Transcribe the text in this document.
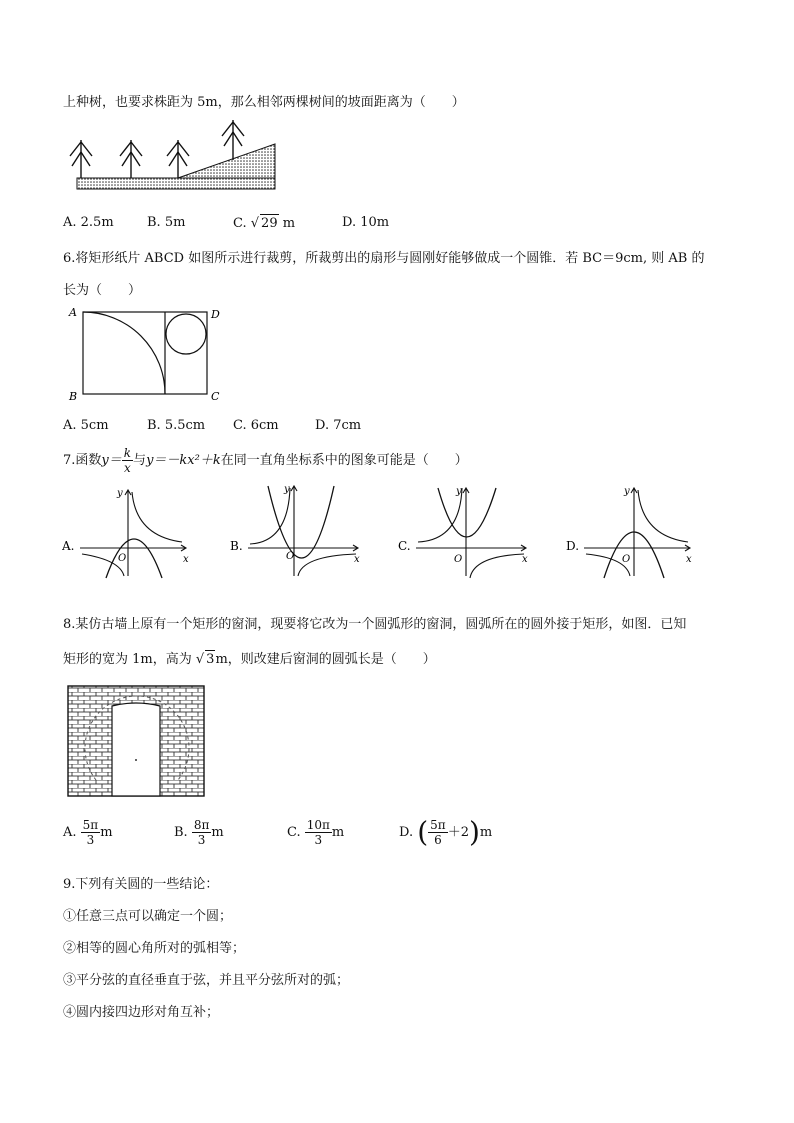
上种树，也要求株距为 5m，那么相邻两棵树间的坡面距离为（　　）
A. 2.5m	B. 5m	C. √ 29 m	D. 10m
6.将矩形纸片 ABCD 如图所示进行裁剪，所裁剪出的扇形与圆刚好能够做成一个圆锥．若 BC＝9cm, 则 AB 的
长为（　　）
A
B	C
D
A. 5cm	B. 5.5cm C. 6cm	D. 7cm
7.函数$y= \frac{k}{x}$ 与y＝－kx²＋k在同一直角坐标系中的图象可能是（　　）
A.
x
y
O
B.
x
y
O
C.
x
y
O
D.
x
y
O
8.某仿古墙上原有一个矩形的窗洞，现要将它改为一个圆弧形的窗洞，圆弧所在的圆外接于矩形，如图．已知
矩形的宽为 1m，高为 √ 3m，则改建后窗洞的圆弧长是（　　）
A. $\frac{5\pi}{3}$ m	B. $\frac{8\pi}{3}$ m	C. $\frac{10\pi}{3}$ m	D. ( $\frac{5\pi}{6} +2)m$
9.下列有关圆的一些结论：
①任意三点可以确定一个圆；
②相等的圆心角所对的弧相等；
③平分弦的直径垂直于弦，并且平分弦所对的弧；
④圆内接四边形对角互补；
